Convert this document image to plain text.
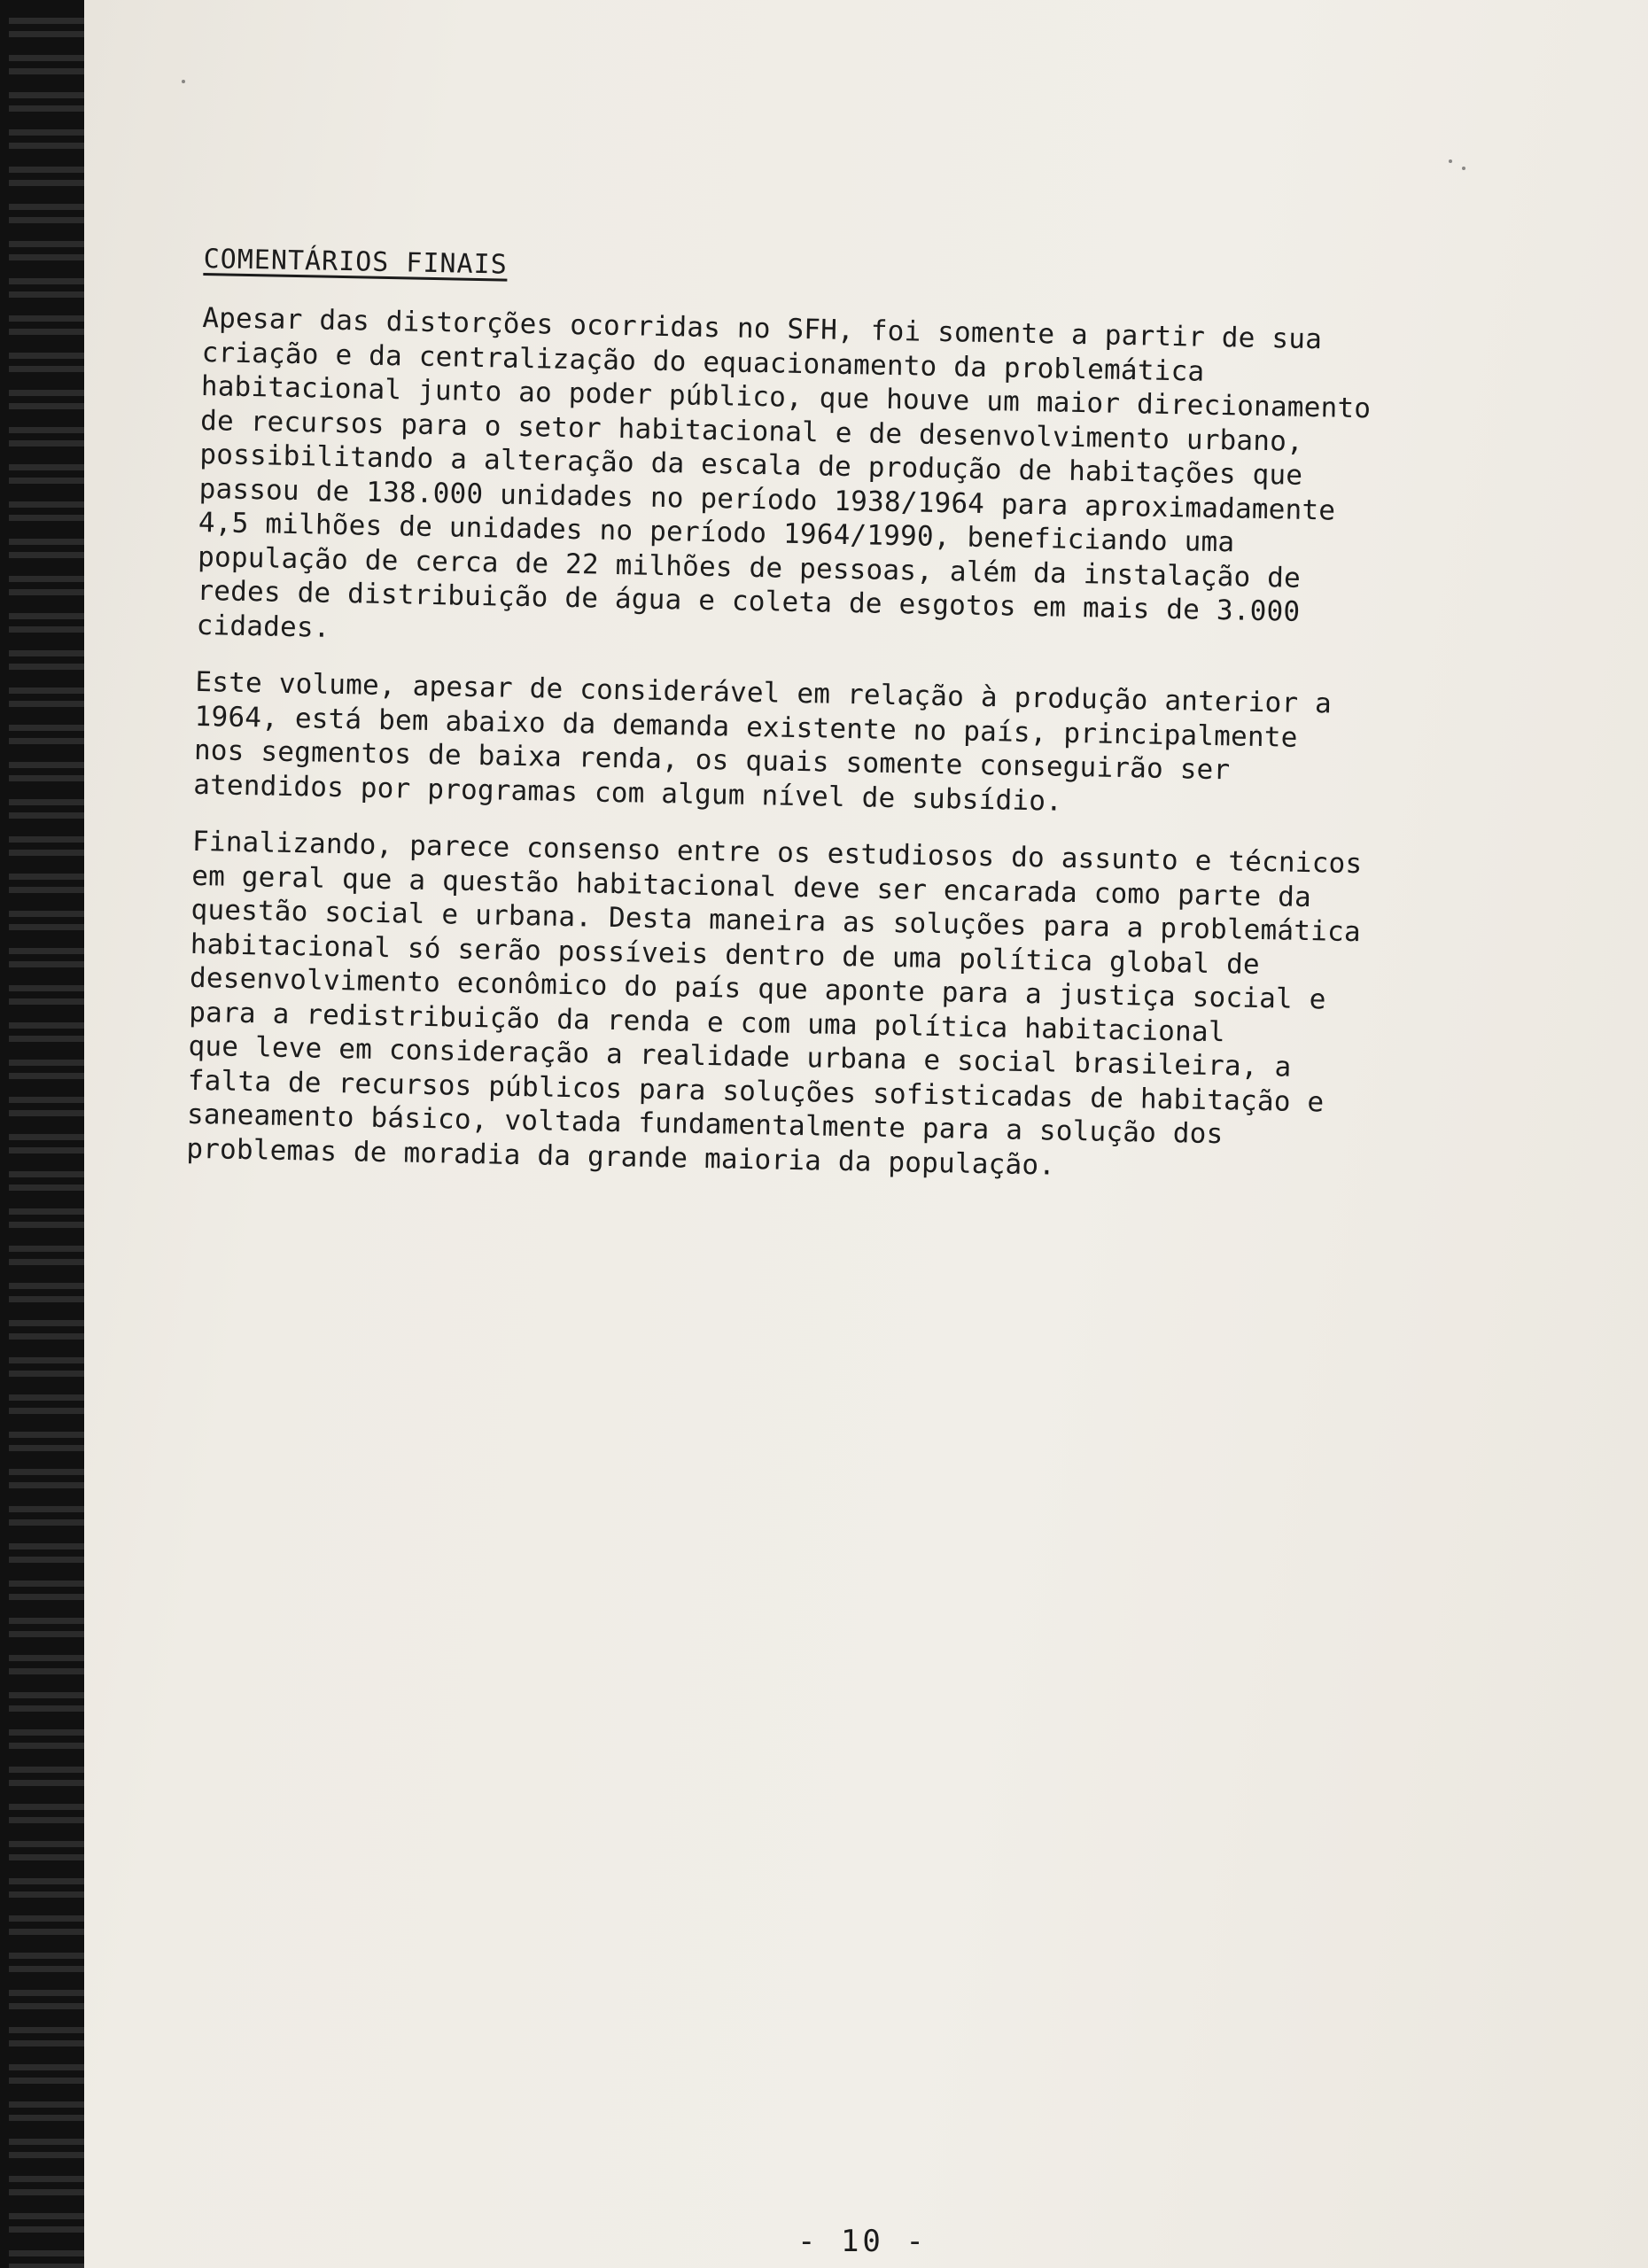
COMENTÁRIOS FINAIS
Apesar das distorções ocorridas no SFH, foi somente a partir de sua
criação e da centralização do equacionamento da problemática
habitacional junto ao poder público, que houve um maior direcionamento
de recursos para o setor habitacional e de desenvolvimento urbano,
possibilitando a alteração da escala de produção de habitações que
passou de 138.000 unidades no período 1938/1964 para aproximadamente
4,5 milhões de unidades no período 1964/1990, beneficiando uma
população de cerca de 22 milhões de pessoas, além da instalação de
redes de distribuição de água e coleta de esgotos em mais de 3.000
cidades.
Este volume, apesar de considerável em relação à produção anterior a
1964, está bem abaixo da demanda existente no país, principalmente
nos segmentos de baixa renda, os quais somente conseguirão ser
atendidos por programas com algum nível de subsídio.
Finalizando, parece consenso entre os estudiosos do assunto e técnicos
em geral que a questão habitacional deve ser encarada como parte da
questão social e urbana. Desta maneira as soluções para a problemática
habitacional só serão possíveis dentro de uma política global de
desenvolvimento econômico do país que aponte para a justiça social e
para a redistribuição da renda e com uma política habitacional
que leve em consideração a realidade urbana e social brasileira, a
falta de recursos públicos para soluções sofisticadas de habitação e
saneamento básico, voltada fundamentalmente para a solução dos
problemas de moradia da grande maioria da população.
- 10 -
